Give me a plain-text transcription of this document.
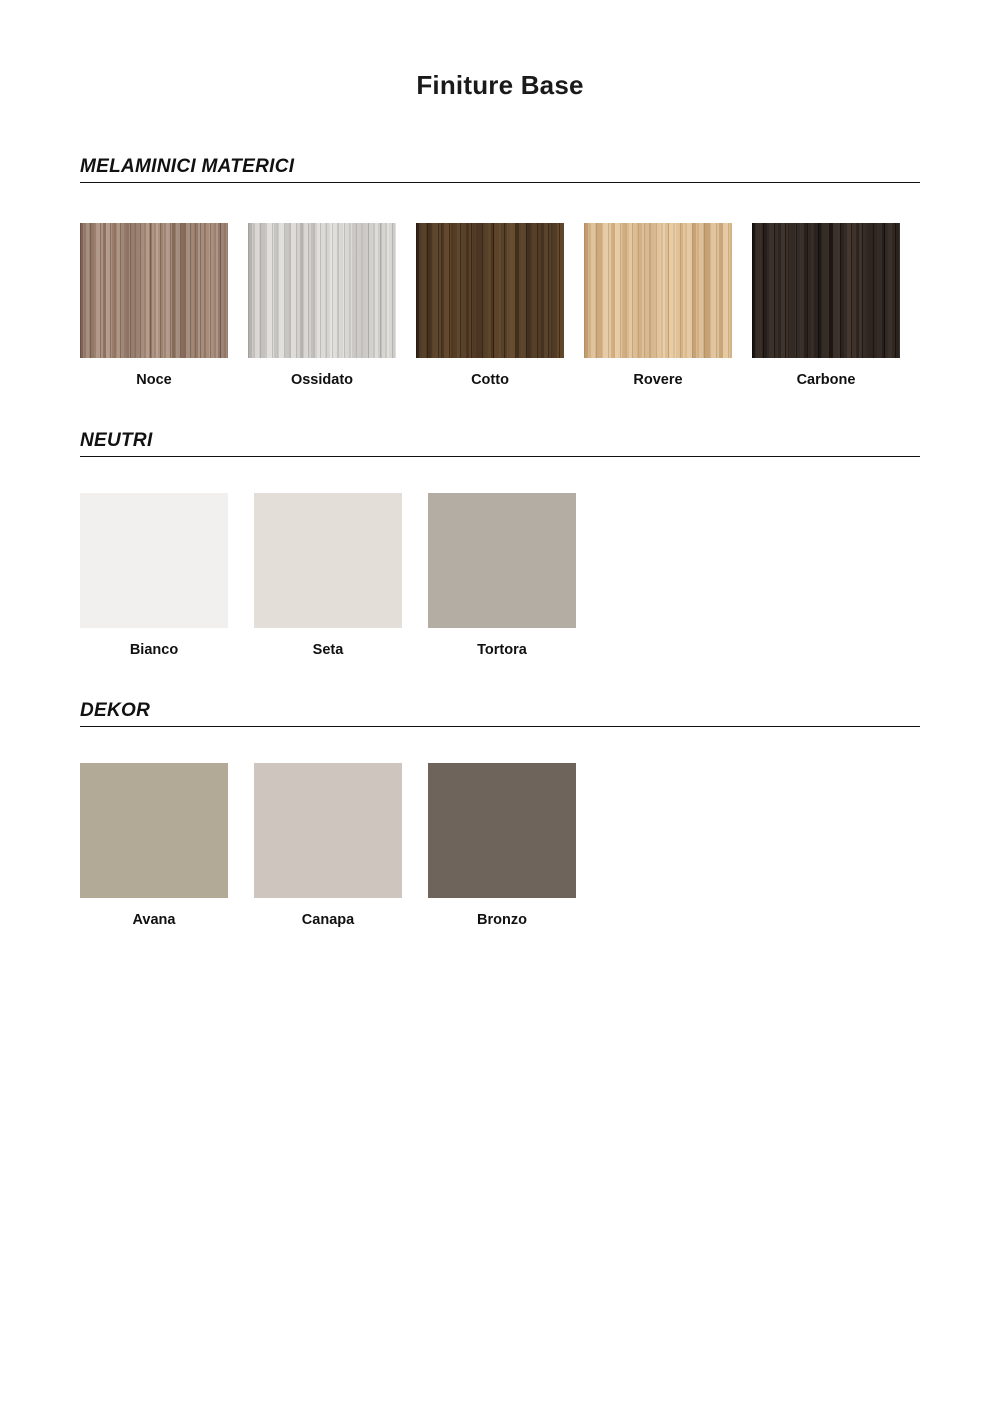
Finiture Base
MELAMINICI MATERICI
Noce	Ossidato	Cotto	Rovere	Carbone
NEUTRI
Bianco	Seta	Tortora
DEKOR
Avana	Canapa	Bronzo
